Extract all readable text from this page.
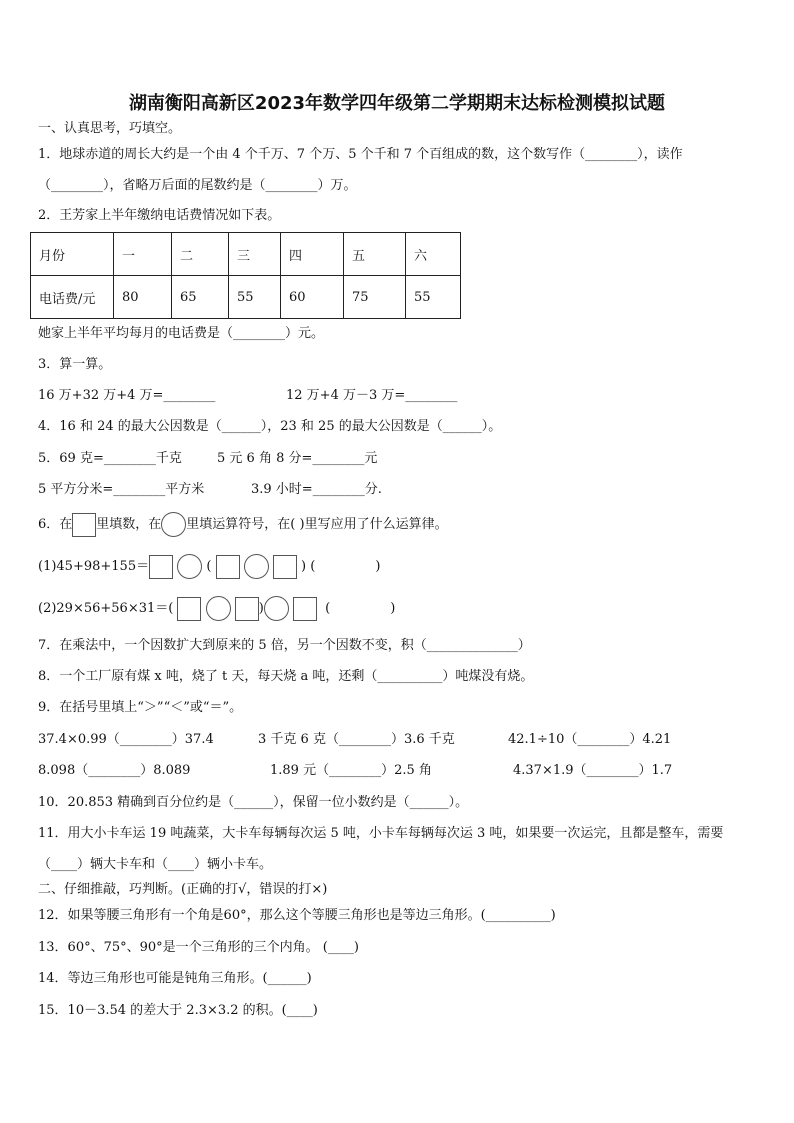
湖南衡阳高新区2023年数学四年级第二学期期末达标检测模拟试题
一、认真思考，巧填空。
1．地球赤道的周长大约是一个由 4 个千万、7 个万、5 个千和 7 个百组成的数，这个数写作（________），读作
（________），省略万后面的尾数约是（________）万。
2．王芳家上半年缴纳电话费情况如下表。
月份	一	二	三	四	五	六
电话费/元	80	65	55	60	75	55
她家上半年平均每月的电话费是（________）元。
3．算一算。
16 万+32 万+4 万=________	12 万+4 万－3 万=________
4．16 和 24 的最大公因数是（______），23 和 25 的最大公因数是（______）。
5．69 克=________千克	5 元 6 角 8 分=________元
5 平方分米=________平方米	3.9 小时=________分.
6．在 里填数，在 里填运算符号，在( )里写应用了什么运算律。
(1)45+98+155＝	(	) (	)
(2)29×56+56×31＝(	)	(	)
7．在乘法中，一个因数扩大到原来的 5 倍，另一个因数不变，积（______________）
8．一个工厂原有煤 x 吨，烧了 t 天，每天烧 a 吨，还剩（__________）吨煤没有烧。
9．在括号里填上“＞”“＜”或“＝”。
37.4×0.99（________）37.4	3 千克 6 克（________）3.6 千克	42.1÷10（________）4.21
8.098（________）8.089	1.89 元（________）2.5 角	4.37×1.9（________）1.7
10．20.853 精确到百分位约是（______），保留一位小数约是（______）。
11．用大小卡车运 19 吨蔬菜，大卡车每辆每次运 5 吨，小卡车每辆每次运 3 吨，如果要一次运完，且都是整车，需要
（____）辆大卡车和（____）辆小卡车。
二、仔细推敲，巧判断。(正确的打√，错误的打×)
12．如果等腰三角形有一个角是60°，那么这个等腰三角形也是等边三角形。(__________)
13．60°、75°、90°是一个三角形的三个内角。 (____)
14．等边三角形也可能是钝角三角形。(______)
15．10－3.54 的差大于 2.3×3.2 的积。(____)
